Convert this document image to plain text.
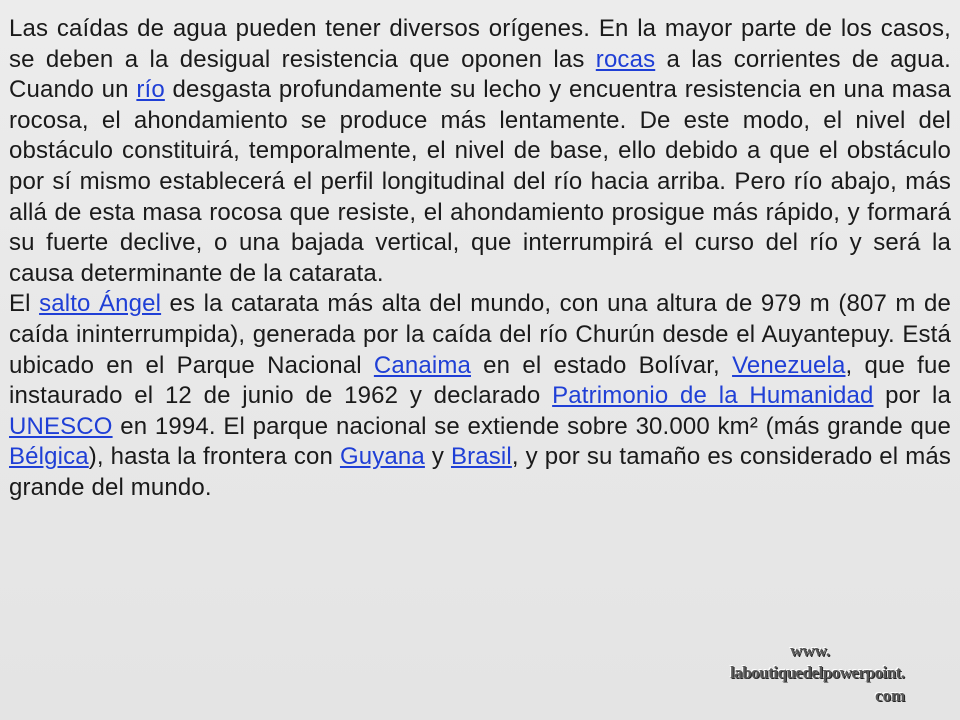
Las caídas de agua pueden tener diversos orígenes. En la mayor parte de los casos, se deben a la desigual resistencia que oponen las rocas a las corrientes de agua. Cuando un río desgasta profundamente su lecho y encuentra resistencia en una masa rocosa, el ahondamiento se produce más lentamente. De este modo, el nivel del obstáculo constituirá, temporalmente, el nivel de base, ello debido a que el obstáculo por sí mismo establecerá el perfil longitudinal del río hacia arriba. Pero río abajo, más allá de esta masa rocosa que resiste, el ahondamiento prosigue más rápido, y formará su fuerte declive, o una bajada vertical, que interrumpirá el curso del río y será la causa determinante de la catarata.

El salto Ángel es la catarata más alta del mundo, con una altura de 979 m (807 m de caída ininterrumpida), generada por la caída del río Churún desde el Auyantepuy. Está ubicado en el Parque Nacional Canaima en el estado Bolívar, Venezuela, que fue instaurado el 12 de junio de 1962 y declarado Patrimonio de la Humanidad por la UNESCO en 1994. El parque nacional se extiende sobre 30.000 km² (más grande que Bélgica), hasta la frontera con Guyana y Brasil, y por su tamaño es considerado el más grande del mundo.

www.
laboutiquedelpowerpoint.
com
